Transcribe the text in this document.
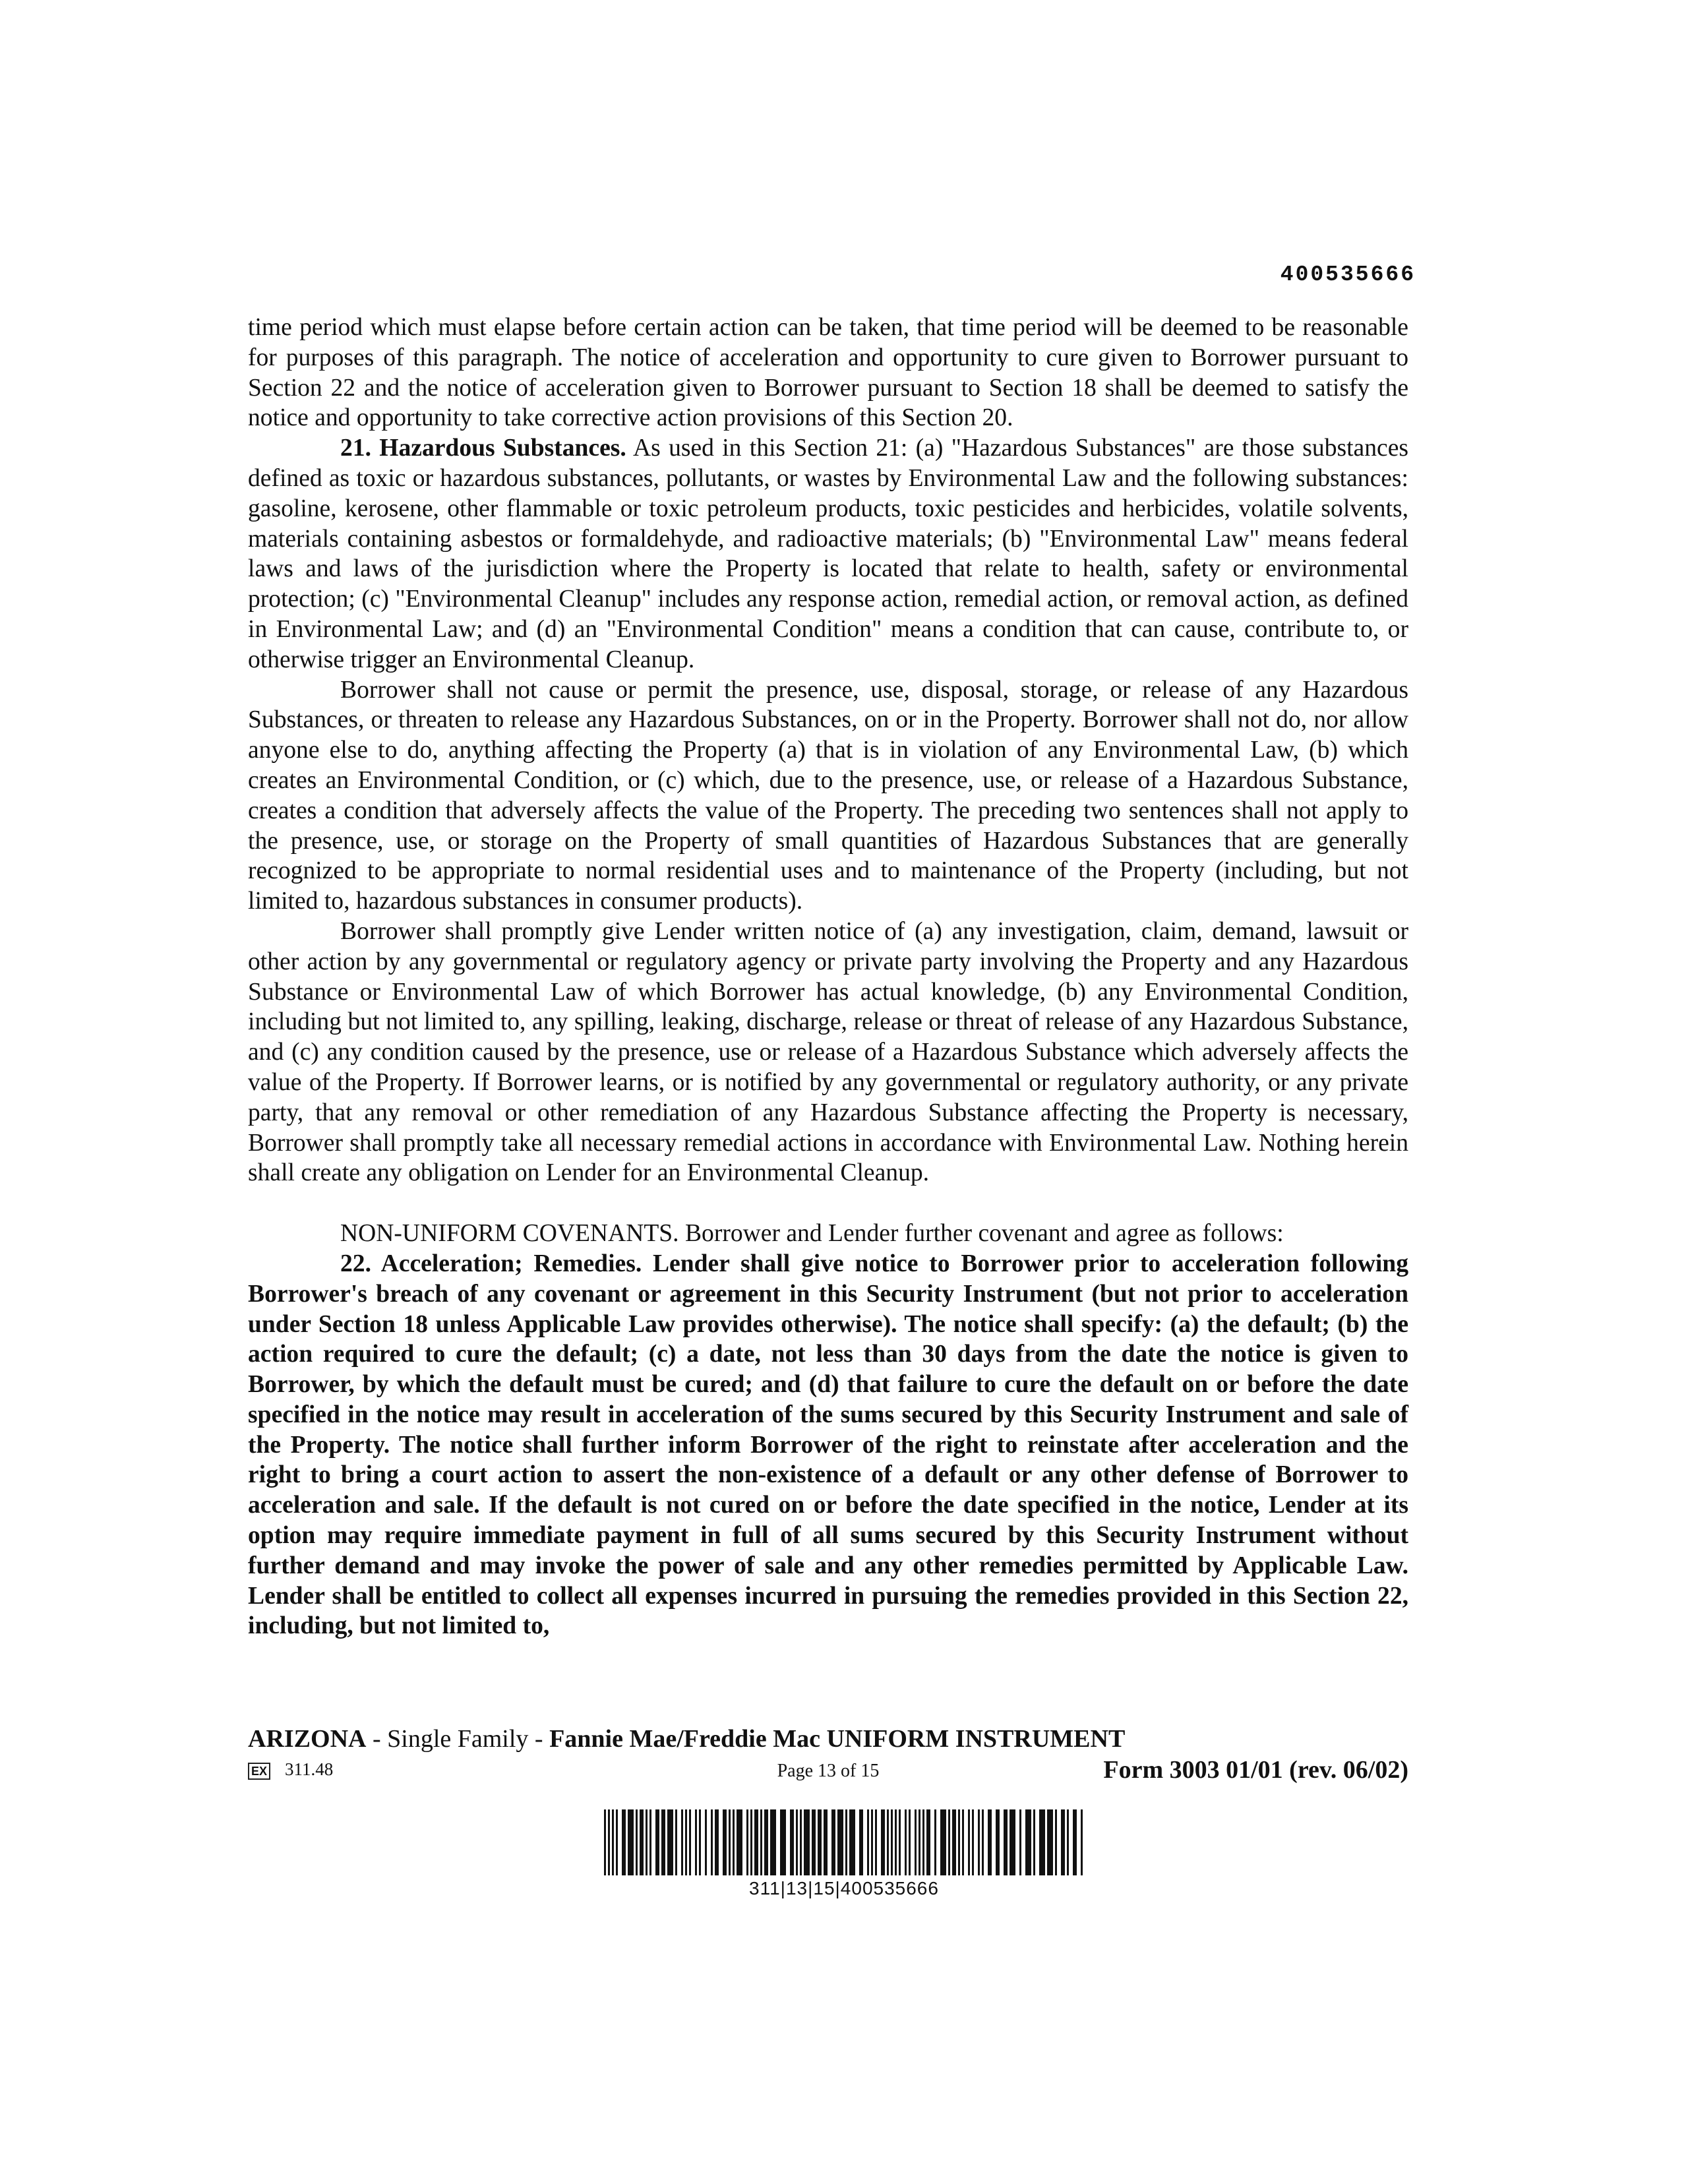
400535666

time period which must elapse before certain action can be taken, that time period will be deemed to be reasonable for purposes of this paragraph. The notice of acceleration and opportunity to cure given to Borrower pursuant to Section 22 and the notice of acceleration given to Borrower pursuant to Section 18 shall be deemed to satisfy the notice and opportunity to take corrective action provisions of this Section 20.

21. Hazardous Substances. As used in this Section 21: (a) "Hazardous Substances" are those substances defined as toxic or hazardous substances, pollutants, or wastes by Environmental Law and the following substances: gasoline, kerosene, other flammable or toxic petroleum products, toxic pesticides and herbicides, volatile solvents, materials containing asbestos or formaldehyde, and radioactive materials; (b) "Environmental Law" means federal laws and laws of the jurisdiction where the Property is located that relate to health, safety or environmental protection; (c) "Environmental Cleanup" includes any response action, remedial action, or removal action, as defined in Environmental Law; and (d) an "Environmental Condition" means a condition that can cause, contribute to, or otherwise trigger an Environmental Cleanup.

Borrower shall not cause or permit the presence, use, disposal, storage, or release of any Hazardous Substances, or threaten to release any Hazardous Substances, on or in the Property. Borrower shall not do, nor allow anyone else to do, anything affecting the Property (a) that is in violation of any Environmental Law, (b) which creates an Environmental Condition, or (c) which, due to the presence, use, or release of a Hazardous Substance, creates a condition that adversely affects the value of the Property. The preceding two sentences shall not apply to the presence, use, or storage on the Property of small quantities of Hazardous Substances that are generally recognized to be appropriate to normal residential uses and to maintenance of the Property (including, but not limited to, hazardous substances in consumer products).

Borrower shall promptly give Lender written notice of (a) any investigation, claim, demand, lawsuit or other action by any governmental or regulatory agency or private party involving the Property and any Hazardous Substance or Environmental Law of which Borrower has actual knowledge, (b) any Environmental Condition, including but not limited to, any spilling, leaking, discharge, release or threat of release of any Hazardous Substance, and (c) any condition caused by the presence, use or release of a Hazardous Substance which adversely affects the value of the Property. If Borrower learns, or is notified by any governmental or regulatory authority, or any private party, that any removal or other remediation of any Hazardous Substance affecting the Property is necessary, Borrower shall promptly take all necessary remedial actions in accordance with Environmental Law. Nothing herein shall create any obligation on Lender for an Environmental Cleanup.

NON-UNIFORM COVENANTS. Borrower and Lender further covenant and agree as follows:

22. Acceleration; Remedies. Lender shall give notice to Borrower prior to acceleration following Borrower's breach of any covenant or agreement in this Security Instrument (but not prior to acceleration under Section 18 unless Applicable Law provides otherwise). The notice shall specify: (a) the default; (b) the action required to cure the default; (c) a date, not less than 30 days from the date the notice is given to Borrower, by which the default must be cured; and (d) that failure to cure the default on or before the date specified in the notice may result in acceleration of the sums secured by this Security Instrument and sale of the Property. The notice shall further inform Borrower of the right to reinstate after acceleration and the right to bring a court action to assert the non-existence of a default or any other defense of Borrower to acceleration and sale. If the default is not cured on or before the date specified in the notice, Lender at its option may require immediate payment in full of all sums secured by this Security Instrument without further demand and may invoke the power of sale and any other remedies permitted by Applicable Law. Lender shall be entitled to collect all expenses incurred in pursuing the remedies provided in this Section 22, including, but not limited to,

ARIZONA - Single Family - Fannie Mae/Freddie Mac UNIFORM INSTRUMENT
EX 311.48	Page 13 of 15	Form 3003 01/01 (rev. 06/02)
311|13|15|400535666
